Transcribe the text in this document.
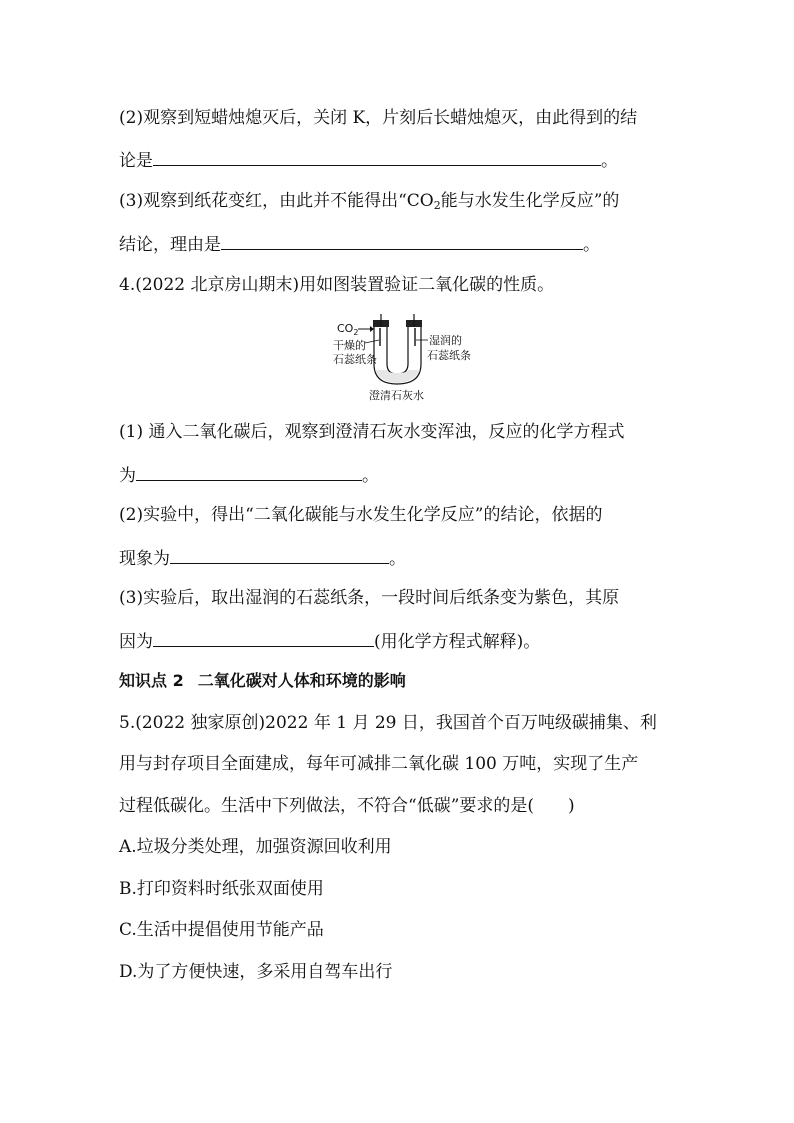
(2)观察到短蜡烛熄灭后，关闭 K，片刻后长蜡烛熄灭，由此得到的结
论是	。
(3)观察到纸花变红，由此并不能得出“$CO_2$能与水发生化学反应”的
结论，理由是	。
4.(2022 北京房山期末)用如图装置验证二氧化碳的性质。
$CO_2$
干燥的
石蕊纸条
湿润的
石蕊纸条
澄清石灰水
(1) 通入二氧化碳后，观察到澄清石灰水变浑浊，反应的化学方程式
为	。
(2)实验中，得出“二氧化碳能与水发生化学反应”的结论，依据的
现象为	。
(3)实验后，取出湿润的石蕊纸条，一段时间后纸条变为紫色，其原
因为	(用化学方程式解释)。
知识点 2 二氧化碳对人体和环境的影响
5.(2022 独家原创)2022 年 1 月 29 日，我国首个百万吨级碳捕集、利
用与封存项目全面建成，每年可减排二氧化碳 100 万吨，实现了生产
过程低碳化。生活中下列做法，不符合“低碳”要求的是(　　)
A.垃圾分类处理，加强资源回收利用
B.打印资料时纸张双面使用
C.生活中提倡使用节能产品
D.为了方便快速，多采用自驾车出行
